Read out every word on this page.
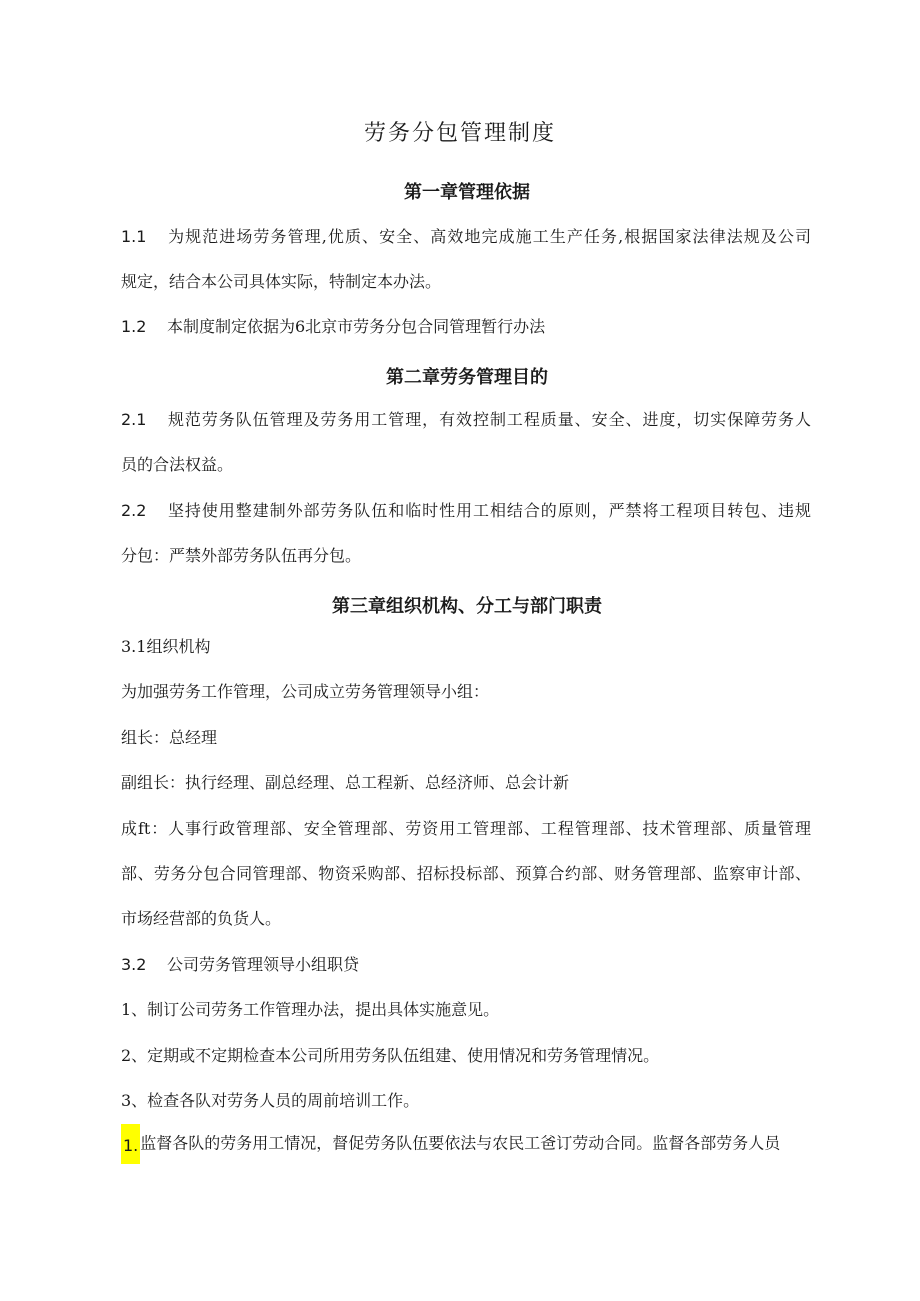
劳务分包管理制度
第一章管理依据

1.1 为规范进场劳务管理,优质、安全、高效地完成施工生产任务,根据国家法律法规及公司

规定，结合本公司具体实际，特制定本办法。

1.2 本制度制定依据为6北京市劳务分包合同管理暂行办法

第二章劳务管理目的

2.1 规范劳务队伍管理及劳务用工管理，有效控制工程质量、安全、进度，切实保障劳务人

员的合法权益。

2.2 坚持使用整建制外部劳务队伍和临时性用工相结合的原则，严禁将工程项目转包、违规

分包：严禁外部劳务队伍再分包。

第三章组织机构、分工与部门职责

3.1组织机构

为加强劳务工作管理，公司成立劳务管理领导小组：

组长：总经理

副组长：执行经理、副总经理、总工程新、总经济师、总会计新

成ft：人事行政管理部、安全管理部、劳资用工管理部、工程管理部、技术管理部、质量管理

部、劳务分包合同管理部、物资采购部、招标投标部、预算合约部、财务管理部、监察审计部、

市场经营部的负货人。

3.2 公司劳务管理领导小组职贷

1、制订公司劳务工作管理办法，提出具体实施意见。

2、定期或不定期检查本公司所用劳务队伍组建、使用情况和劳务管理情况。

3、检查各队对劳务人员的周前培训工作。

1. 监督各队的劳务用工情况，督促劳务队伍要依法与农民工爸订劳动合同。监督各部劳务人员
